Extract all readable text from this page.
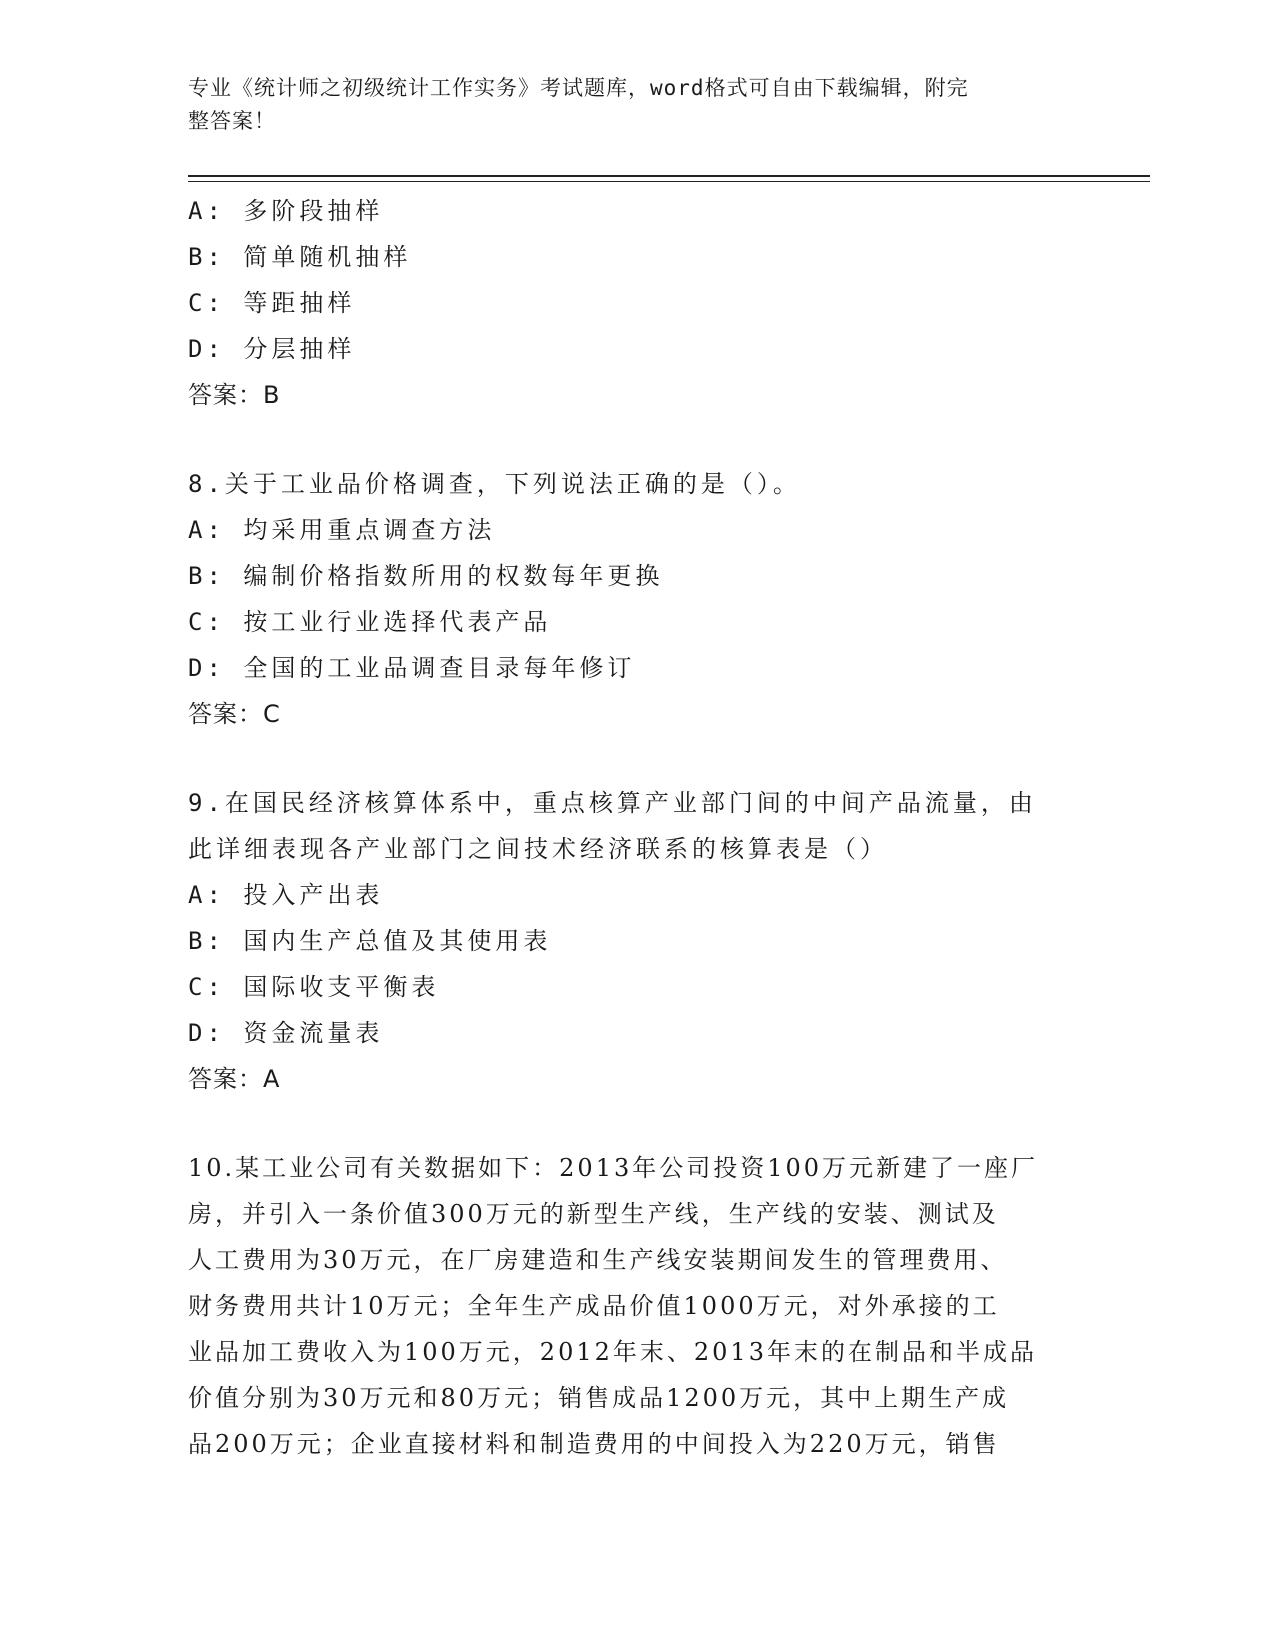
专业《统计师之初级统计工作实务》考试题库，word格式可自由下载编辑，附完
整答案！
A: 多阶段抽样
B: 简单随机抽样
C: 等距抽样
D: 分层抽样
答案：B
8.关于工业品价格调查，下列说法正确的是（）。
A: 均采用重点调查方法
B: 编制价格指数所用的权数每年更换
C: 按工业行业选择代表产品
D: 全国的工业品调查目录每年修订
答案：C
9.在国民经济核算体系中，重点核算产业部门间的中间产品流量，由
此详细表现各产业部门之间技术经济联系的核算表是（）
A: 投入产出表
B: 国内生产总值及其使用表
C: 国际收支平衡表
D: 资金流量表
答案：A
10.某工业公司有关数据如下：2013年公司投资100万元新建了一座厂
房，并引入一条价值300万元的新型生产线，生产线的安装、测试及
人工费用为30万元，在厂房建造和生产线安装期间发生的管理费用、
财务费用共计10万元；全年生产成品价值1000万元，对外承接的工
业品加工费收入为100万元，2012年末、2013年末的在制品和半成品
价值分别为30万元和80万元；销售成品1200万元，其中上期生产成
品200万元；企业直接材料和制造费用的中间投入为220万元，销售
